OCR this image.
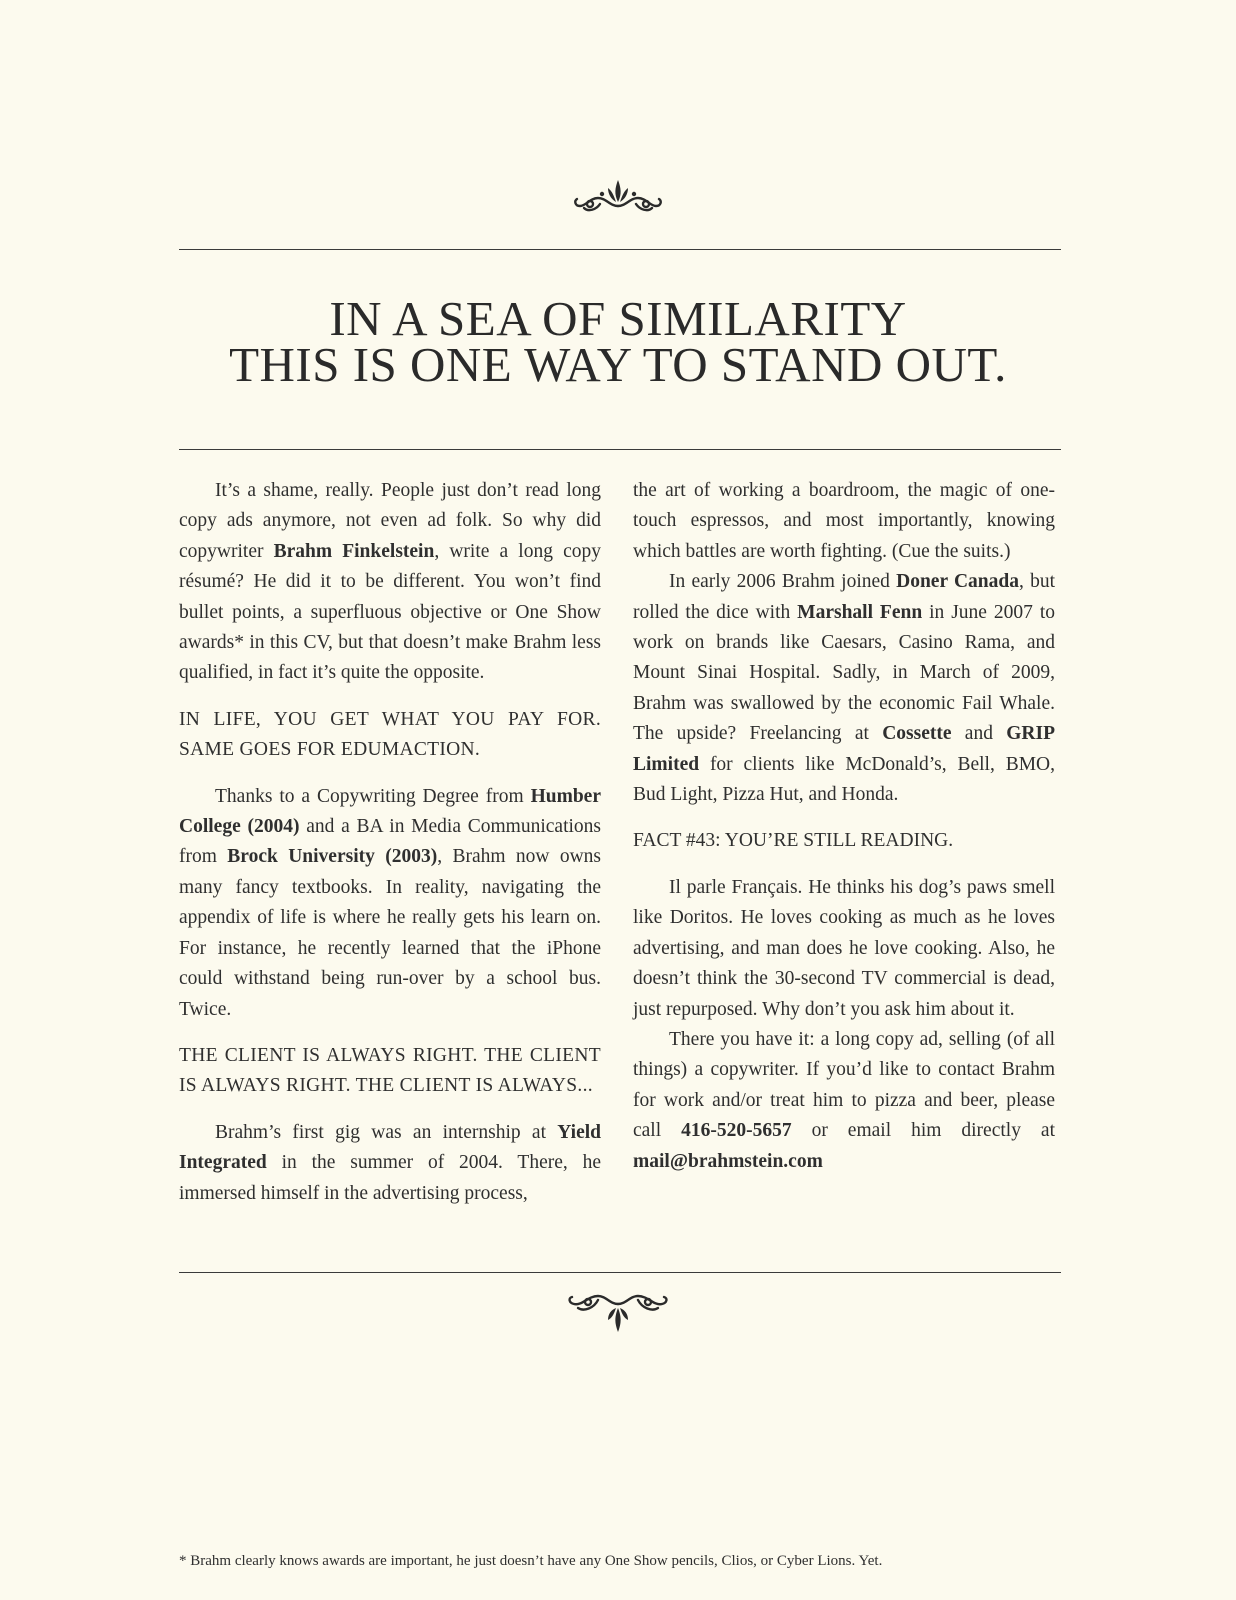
IN A SEA OF SIMILARITY
THIS IS ONE WAY TO STAND OUT.

It’s a shame, really. People just don’t read long copy ads anymore, not even ad folk. So why did copywriter Brahm Finkelstein, write a long copy résumé? He did it to be different. You won’t find bullet points, a superfluous objective or One Show awards* in this CV, but that doesn’t make Brahm less qualified, in fact it’s quite the opposite.

IN LIFE, YOU GET WHAT YOU PAY FOR. SAME GOES FOR EDUMACTION.

Thanks to a Copywriting Degree from Humber College (2004) and a BA in Media Communications from Brock University (2003), Brahm now owns many fancy textbooks. In reality, navigating the appendix of life is where he really gets his learn on. For instance, he recently learned that the iPhone could withstand being run-over by a school bus. Twice.

THE CLIENT IS ALWAYS RIGHT. THE CLIENT IS ALWAYS RIGHT. THE CLIENT IS ALWAYS...

Brahm’s first gig was an internship at Yield Integrated in the summer of 2004. There, he immersed himself in the advertising process,

the art of working a boardroom, the magic of one-touch espressos, and most importantly, knowing which battles are worth fighting. (Cue the suits.)

In early 2006 Brahm joined Doner Canada, but rolled the dice with Marshall Fenn in June 2007 to work on brands like Caesars, Casino Rama, and Mount Sinai Hospital. Sadly, in March of 2009, Brahm was swallowed by the economic Fail Whale. The upside? Freelancing at Cossette and GRIP Limited for clients like McDonald’s, Bell, BMO, Bud Light, Pizza Hut, and Honda.

FACT #43: YOU’RE STILL READING.

Il parle Français. He thinks his dog’s paws smell like Doritos. He loves cooking as much as he loves advertising, and man does he love cooking. Also, he doesn’t think the 30-second TV commercial is dead, just repurposed. Why don’t you ask him about it.

There you have it: a long copy ad, selling (of all things) a copywriter. If you’d like to contact Brahm for work and/or treat him to pizza and beer, please call 416-520-5657 or email him directly at mail@brahmstein.com

* Brahm clearly knows awards are important, he just doesn’t have any One Show pencils, Clios, or Cyber Lions. Yet.
